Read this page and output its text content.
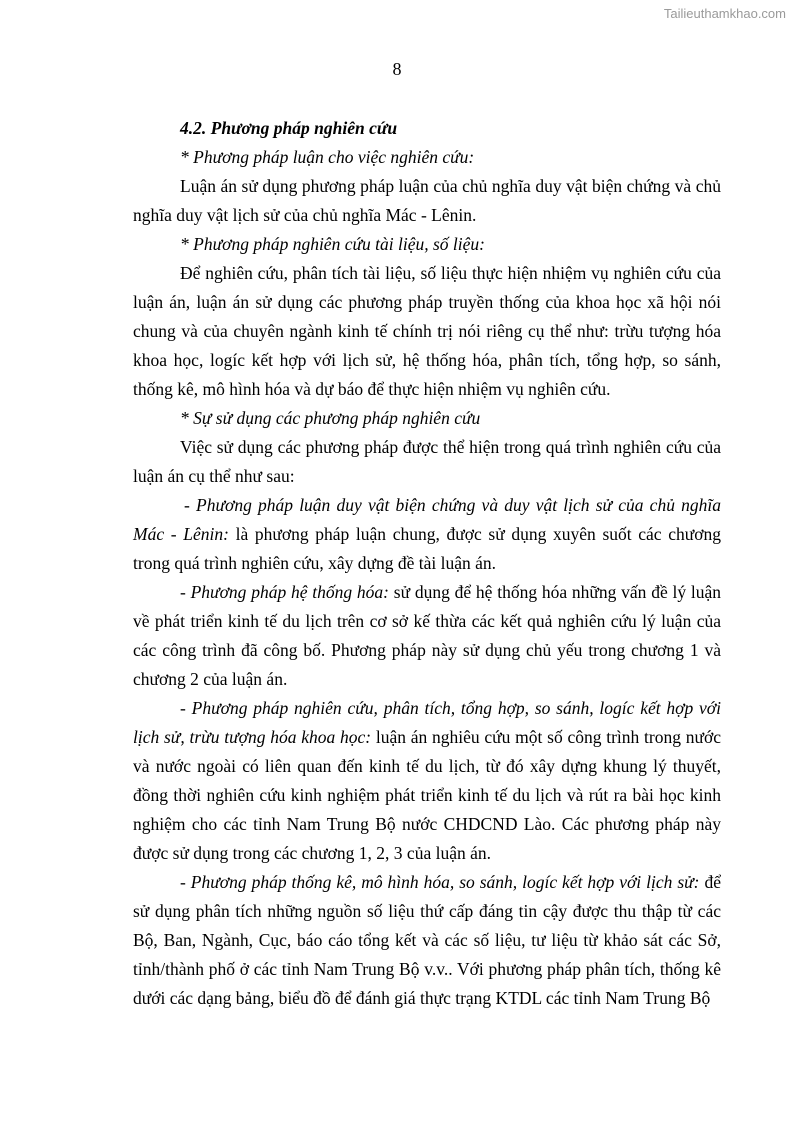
Tailieuthamkhao.com
8

4.2. Phương pháp nghiên cứu

* Phương pháp luận cho việc nghiên cứu:

Luận án sử dụng phương pháp luận của chủ nghĩa duy vật biện chứng và chủ nghĩa duy vật lịch sử của chủ nghĩa Mác - Lênin.

* Phương pháp nghiên cứu tài liệu, số liệu:

Để nghiên cứu, phân tích tài liệu, số liệu thực hiện nhiệm vụ nghiên cứu của luận án, luận án sử dụng các phương pháp truyền thống của khoa học xã hội nói chung và của chuyên ngành kinh tế chính trị nói riêng cụ thể như: trừu tượng hóa khoa học, logíc kết hợp với lịch sử, hệ thống hóa, phân tích, tổng hợp, so sánh, thống kê, mô hình hóa và dự báo để thực hiện nhiệm vụ nghiên cứu.

* Sự sử dụng các phương pháp nghiên cứu

Việc sử dụng các phương pháp được thể hiện trong quá trình nghiên cứu của luận án cụ thể như sau:

- Phương pháp luận duy vật biện chứng và duy vật lịch sử của chủ nghĩa Mác - Lênin: là phương pháp luận chung, được sử dụng xuyên suốt các chương trong quá trình nghiên cứu, xây dựng đề tài luận án.

- Phương pháp hệ thống hóa: sử dụng để hệ thống hóa những vấn đề lý luận về phát triển kinh tế du lịch trên cơ sở kế thừa các kết quả nghiên cứu lý luận của các công trình đã công bố. Phương pháp này sử dụng chủ yếu trong chương 1 và chương 2 của luận án.

- Phương pháp nghiên cứu, phân tích, tổng hợp, so sánh, logíc kết hợp với lịch sử, trừu tượng hóa khoa học: luận án nghiêu cứu một số công trình trong nước và nước ngoài có liên quan đến kinh tế du lịch, từ đó xây dựng khung lý thuyết, đồng thời nghiên cứu kinh nghiệm phát triển kinh tế du lịch và rút ra bài học kinh nghiệm cho các tỉnh Nam Trung Bộ nước CHDCND Lào. Các phương pháp này được sử dụng trong các chương 1, 2, 3 của luận án.

- Phương pháp thống kê, mô hình hóa, so sánh, logíc kết hợp với lịch sử: để sử dụng phân tích những nguồn số liệu thứ cấp đáng tin cậy được thu thập từ các Bộ, Ban, Ngành, Cục, báo cáo tổng kết và các số liệu, tư liệu từ khảo sát các Sở, tỉnh/thành phố ở các tỉnh Nam Trung Bộ v.v.. Với phương pháp phân tích, thống kê dưới các dạng bảng, biểu đồ để đánh giá thực trạng KTDL các tỉnh Nam Trung Bộ
